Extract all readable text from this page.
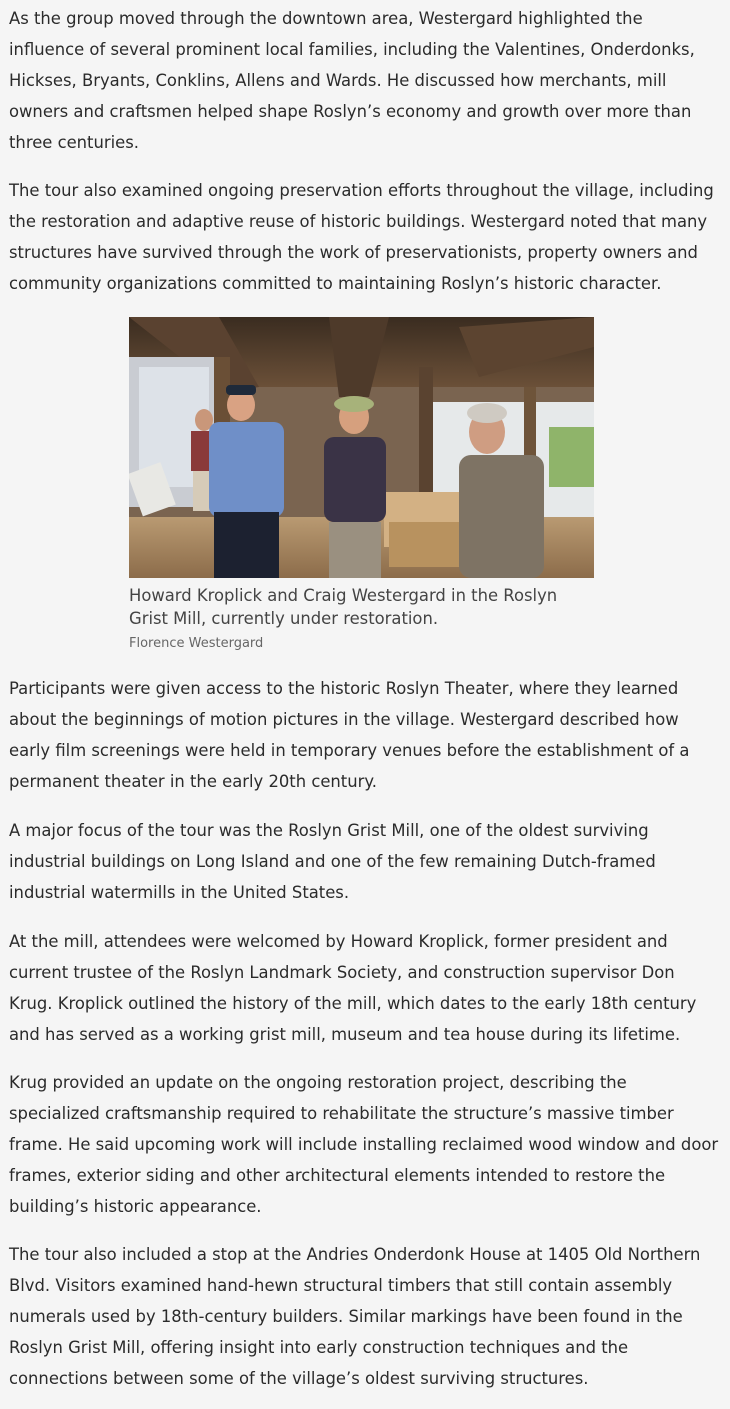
As the group moved through the downtown area, Westergard highlighted the influence of several prominent local families, including the Valentines, Onderdonks, Hickses, Bryants, Conklins, Allens and Wards. He discussed how merchants, mill owners and craftsmen helped shape Roslyn’s economy and growth over more than three centuries.

The tour also examined ongoing preservation efforts throughout the village, including the restoration and adaptive reuse of historic buildings. Westergard noted that many structures have survived through the work of preservationists, property owners and community organizations committed to maintaining Roslyn’s historic character.

Howard Kroplick and Craig Westergard in the Roslyn Grist Mill, currently under restoration.
Florence Westergard

Participants were given access to the historic Roslyn Theater, where they learned about the beginnings of motion pictures in the village. Westergard described how early film screenings were held in temporary venues before the establishment of a permanent theater in the early 20th century.

A major focus of the tour was the Roslyn Grist Mill, one of the oldest surviving industrial buildings on Long Island and one of the few remaining Dutch-framed industrial watermills in the United States.

At the mill, attendees were welcomed by Howard Kroplick, former president and current trustee of the Roslyn Landmark Society, and construction supervisor Don Krug. Kroplick outlined the history of the mill, which dates to the early 18th century and has served as a working grist mill, museum and tea house during its lifetime.

Krug provided an update on the ongoing restoration project, describing the specialized craftsmanship required to rehabilitate the structure’s massive timber frame. He said upcoming work will include installing reclaimed wood window and door frames, exterior siding and other architectural elements intended to restore the building’s historic appearance.

The tour also included a stop at the Andries Onderdonk House at 1405 Old Northern Blvd. Visitors examined hand-hewn structural timbers that still contain assembly numerals used by 18th-century builders. Similar markings have been found in the Roslyn Grist Mill, offering insight into early construction techniques and the connections between some of the village’s oldest surviving structures.
